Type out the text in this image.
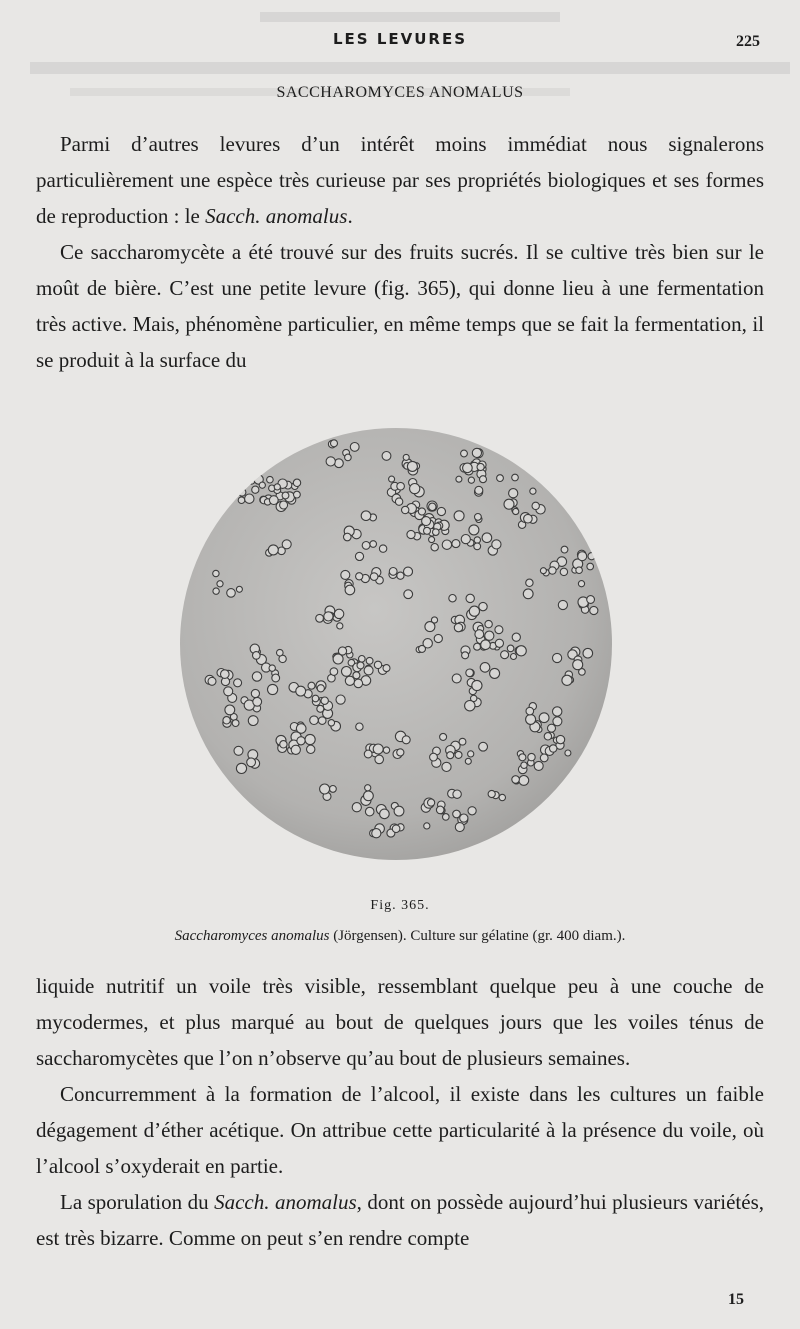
LES LEVURES	225
SACCHAROMYCES ANOMALUS

Parmi d’autres levures d’un intérêt moins immédiat nous signalerons particulièrement une espèce très curieuse par ses propriétés biologiques et ses formes de reproduction : le Sacch. anomalus.

Ce saccharomycète a été trouvé sur des fruits sucrés. Il se cultive très bien sur le moût de bière. C’est une petite levure (fig. 365), qui donne lieu à une fermentation très active. Mais, phénomène particulier, en même temps que se fait la fermentation, il se produit à la surface du

Fig. 365.
Saccharomyces anomalus (Jörgensen). Culture sur gélatine (gr. 400 diam.).

liquide nutritif un voile très visible, ressemblant quelque peu à une couche de mycodermes, et plus marqué au bout de quelques jours que les voiles ténus de saccharomycètes que l’on n’observe qu’au bout de plusieurs semaines.

Concurremment à la formation de l’alcool, il existe dans les cultures un faible dégagement d’éther acétique. On attribue cette particularité à la présence du voile, où l’alcool s’oxyderait en partie.

La sporulation du Sacch. anomalus, dont on possède aujourd’hui plusieurs variétés, est très bizarre. Comme on peut s’en rendre compte

15
